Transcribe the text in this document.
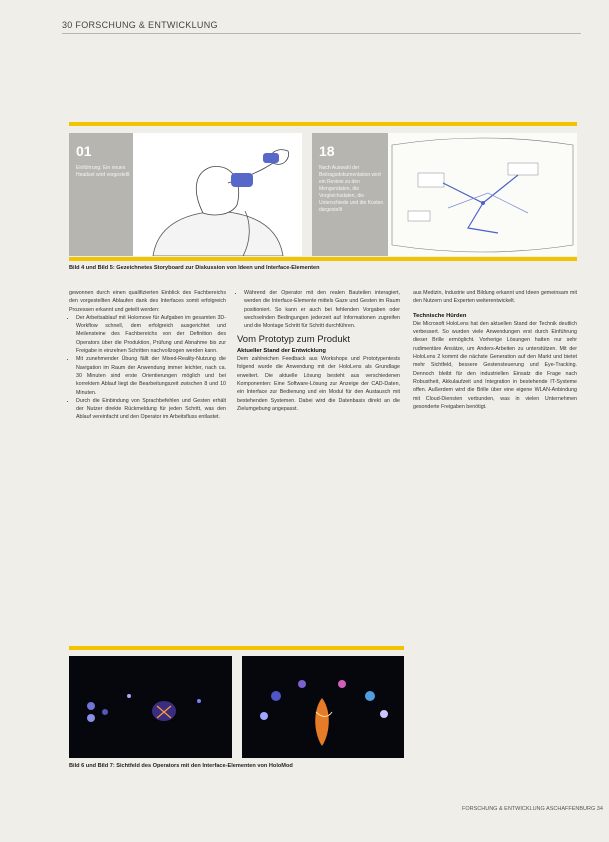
30 FORSCHUNG & ENTWICKLUNG
01
Einführung: Ein neues Headset wird vorgestellt
18
Nach Auswahl der Beitragsdokumentation wird ein Review zu den Mengendaten, die Vergleichsdaten, die Unterschiede und die Kosten dargestellt
Bild 4 und Bild 5: Gezeichnetes Storyboard zur Diskussion von Ideen und Interface-Elementen

gewonnen durch einen qualifizierten Einblick des Fachbereichs den vorgestellten Ablaufen dank des Interfaces somit erfolgreich Prozessen erkannt und geteilt werden:

• Der Arbeitsablauf mit Holomove für Aufgaben im gesamten 3D-Workflow schnell, dem erfolgreich ausgerichtet und Meilensteine des Fachbereichs von der Definition des Operators über die Produktion, Prüfung und Abnahme bis zur Freigabe in einzelnen Schritten nachvollzogen werden kann.
• Mit zunehmender Übung fällt der Mixed-Reality-Nutzung die Navigation im Raum der Anwendung immer leichter, nach ca. 30 Minuten sind erste Orientierungen möglich und bei korrektem Ablauf liegt die Bearbeitungszeit zwischen 8 und 10 Minuten.
• Durch die Einbindung von Sprachbefehlen und Gesten erhält der Nutzer direkte Rückmeldung für jeden Schritt, was den Ablauf vereinfacht und den Operator im Arbeitsfluss entlastet.
• Während der Operator mit den realen Bauteilen interagiert, werden die Interface-Elemente mittels Gaze und Gesten im Raum positioniert. So kann er auch bei fehlenden Vorgaben oder wechselnden Bedingungen jederzeit auf Informationen zugreifen und die Montage Schritt für Schritt durchführen.
Vom Prototyp zum Produkt
Aktueller Stand der Entwicklung

Dem zahlreichen Feedback aus Workshops und Prototypentests folgend wurde die Anwendung mit der HoloLens als Grundlage erweitert. Die aktuelle Lösung besteht aus verschiedenen Komponenten: Eine Software-Lösung zur Anzeige der CAD-Daten, ein Interface zur Bedienung und ein Modul für den Austausch mit bestehenden Systemen. Dabei wird die Datenbasis direkt an die Zielumgebung angepasst.

aus Medizin, Industrie und Bildung erkannt und Ideen gemeinsam mit den Nutzern und Experten weiterentwickelt.

Technische Hürden

Die Microsoft HoloLens hat den aktuellen Stand der Technik deutlich verbessert. So wurden viele Anwendungen erst durch Einführung dieser Brille ermöglicht. Vorherige Lösungen hatten nur sehr rudimentäre Ansätze, um Anders-Arbeiten zu unterstützen. Mit der HoloLens 2 kommt die nächste Generation auf den Markt und bietet mehr Sichtfeld, bessere Gestensteuerung und Eye-Tracking. Dennoch bleibt für den industriellen Einsatz die Frage nach Robustheit, Akkulaufzeit und Integration in bestehende IT-Systeme offen. Außerdem wird die Brille über eine eigene WLAN-Anbindung mit Cloud-Diensten verbunden, was in vielen Unternehmen gesonderte Freigaben benötigt.

Bild 6 und Bild 7: Sichtfeld des Operators mit den Interface-Elementen von HoloMod
FORSCHUNG & ENTWICKLUNG ASCHAFFENBURG 34
